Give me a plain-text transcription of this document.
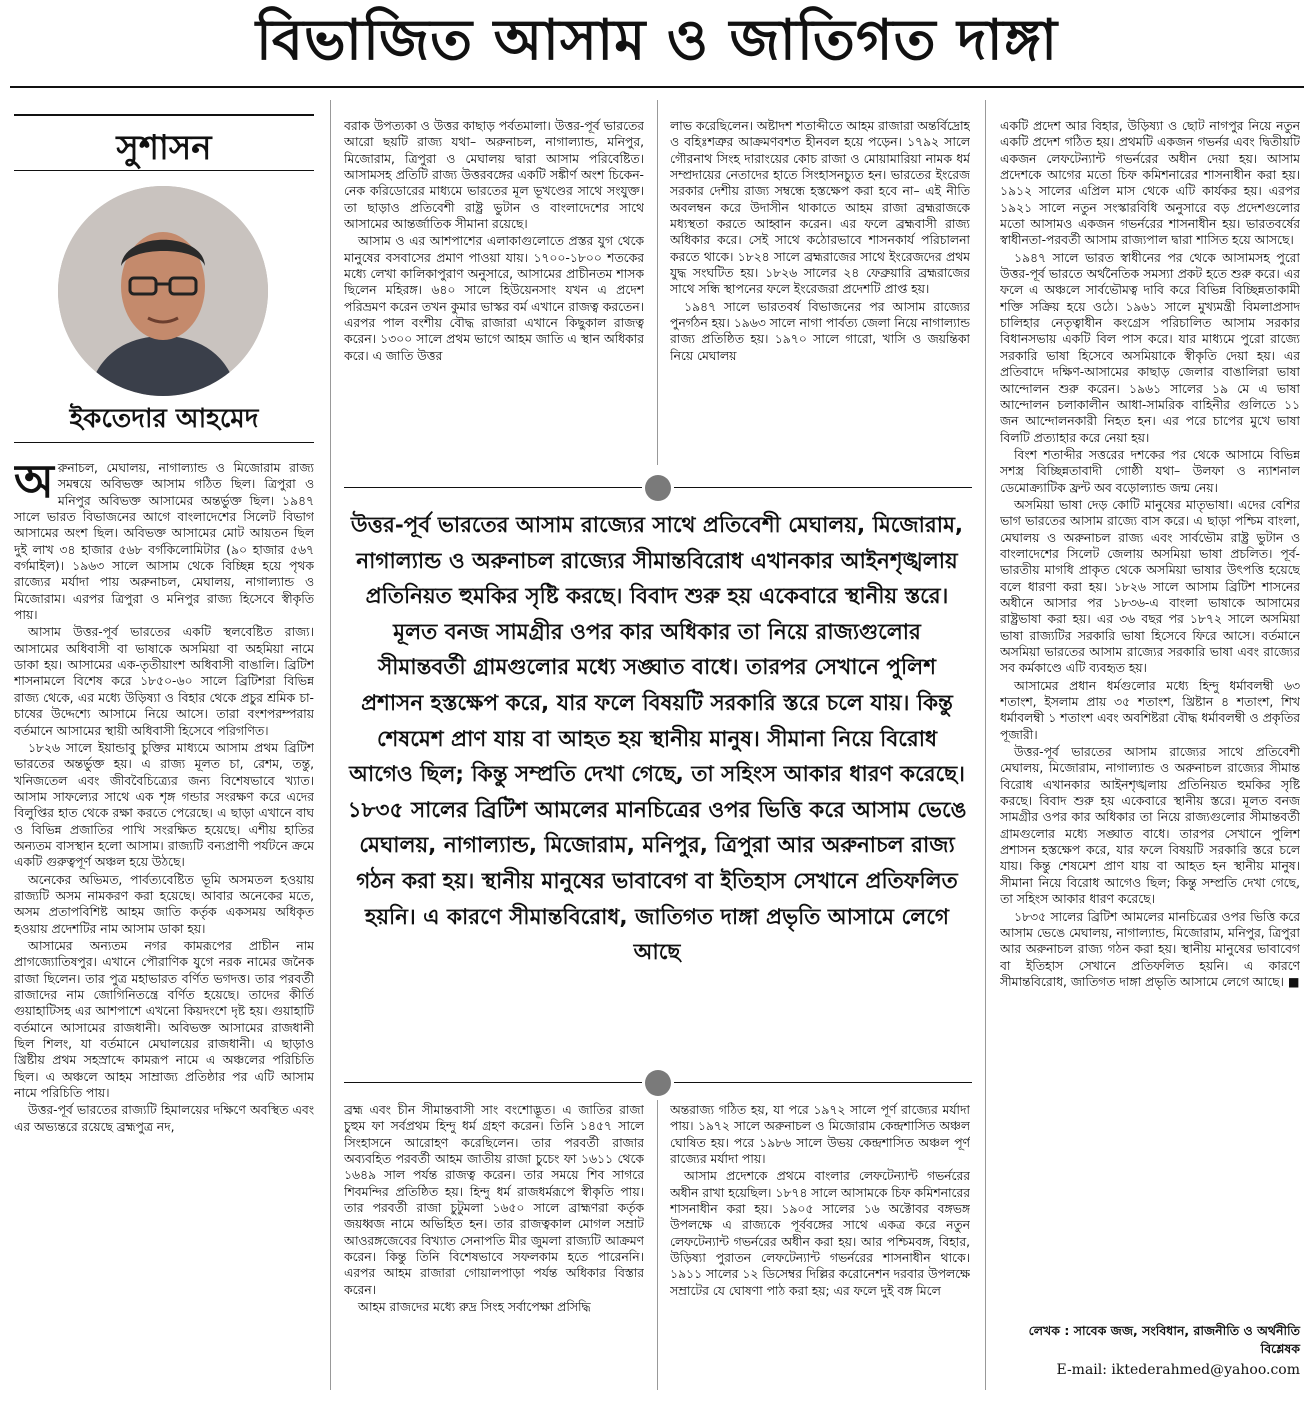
বিভাজিত আসাম ও জাতিগত দাঙ্গা
সুশাসন
ইকতেদার আহমেদ

অরুনাচল, মেঘালয়, নাগাল্যান্ড ও মিজোরাম রাজ্য সমন্বয়ে অবিভক্ত আসাম গঠিত ছিল। ত্রিপুরা ও মনিপুর অবিভক্ত আসামের অন্তর্ভুক্ত ছিল। ১৯৪৭ সালে ভারত বিভাজনের আগে বাংলাদেশের সিলেট বিভাগ আসামের অংশ ছিল। অবিভক্ত আসামের মোট আয়তন ছিল দুই লাখ ৩৪ হাজার ৫৬৮ বর্গকিলোমিটার (৯০ হাজার ৫৬৭ বর্গমাইল)। ১৯৬৩ সালে আসাম থেকে বিচ্ছিন্ন হয়ে পৃথক রাজ্যের মর্যাদা পায় অরুনাচল, মেঘালয়, নাগাল্যান্ড ও মিজোরাম। এরপর ত্রিপুরা ও মনিপুর রাজ্য হিসেবে স্বীকৃতি পায়।

আসাম উত্তর-পূর্ব ভারতের একটি স্থলবেষ্টিত রাজ্য। আসামের অধিবাসী বা ভাষাকে অসমিয়া বা অহমিয়া নামে ডাকা হয়। আসামের এক-তৃতীয়াংশ অধিবাসী বাঙালি। ব্রিটিশ শাসনামলে বিশেষ করে ১৮৫০-৬০ সালে ব্রিটিশরা বিভিন্ন রাজ্য থেকে, এর মধ্যে উড়িষ্যা ও বিহার থেকে প্রচুর শ্রমিক চা-চাষের উদ্দেশ্যে আসামে নিয়ে আসে। তারা বংশপরম্পরায় বর্তমানে আসামের স্থায়ী অধিবাসী হিসেবে পরিগণিত।

১৮২৬ সালে ইয়ান্ডাবু চুক্তির মাধ্যমে আসাম প্রথম ব্রিটিশ ভারতের অন্তর্ভুক্ত হয়। এ রাজ্য মূলত চা, রেশম, তন্তু, খনিজতেল এবং জীববৈচিত্র্যের জন্য বিশেষভাবে খ্যাত। আসাম সাফল্যের সাথে এক শৃঙ্গ গন্ডার সংরক্ষণ করে এদের বিলুপ্তির হাত থেকে রক্ষা করতে পেরেছে। এ ছাড়া এখানে বাঘ ও বিভিন্ন প্রজাতির পাখি সংরক্ষিত হয়েছে। এশীয় হাতির অন্যতম বাসস্থান হলো আসাম। রাজ্যটি বন্যপ্রাণী পর্যটনে ক্রমে একটি গুরুত্বপূর্ণ অঞ্চল হয়ে উঠছে।

অনেকের অভিমত, পার্বত্যবেষ্টিত ভূমি অসমতল হওয়ায় রাজ্যটি অসম নামকরণ করা হয়েছে। আবার অনেকের মতে, অসম প্রতাপবিশিষ্ট আহম জাতি কর্তৃক একসময় অধিকৃত হওয়ায় প্রদেশটির নাম আসাম ডাকা হয়।

আসামের অন্যতম নগর কামরূপের প্রাচীন নাম প্রাগজ্যোতিষপুর। এখানে পৌরাণিক যুগে নরক নামের জনৈক রাজা ছিলেন। তার পুত্র মহাভারত বর্ণিত ভগদত্ত। তার পরবর্তী রাজাদের নাম জোগিনিতন্ত্রে বর্ণিত হয়েছে। তাদের কীর্তি গুয়াহাটিসহ এর আশপাশে এখনো কিয়দংশে দৃষ্ট হয়। গুয়াহাটি বর্তমানে আসামের রাজধানী। অবিভক্ত আসামের রাজধানী ছিল শিলং, যা বর্তমানে মেঘালয়ের রাজধানী। এ ছাড়াও খ্রিষ্টীয় প্রথম সহস্রাব্দে কামরূপ নামে এ অঞ্চলের পরিচিতি ছিল। এ অঞ্চলে আহম সাম্রাজ্য প্রতিষ্ঠার পর এটি আসাম নামে পরিচিতি পায়।

উত্তর-পূর্ব ভারতের রাজ্যটি হিমালয়ের দক্ষিণে অবস্থিত এবং এর অভ্যন্তরে রয়েছে ব্রহ্মপুত্র নদ,

বরাক উপত্যকা ও উত্তর কাছাড় পর্বতমালা। উত্তর-পূর্ব ভারতের আরো ছয়টি রাজ্য যথা– অরুনাচল, নাগাল্যান্ড, মনিপুর, মিজোরাম, ত্রিপুরা ও মেঘালয় দ্বারা আসাম পরিবেষ্টিত। আসামসহ প্রতিটি রাজ্য উত্তরবঙ্গের একটি সঙ্কীর্ণ অংশ চিকেন-নেক করিডোরের মাধ্যমে ভারতের মূল ভূখণ্ডের সাথে সংযুক্ত। তা ছাড়াও প্রতিবেশী রাষ্ট্র ভুটান ও বাংলাদেশের সাথে আসামের আন্তর্জাতিক সীমানা রয়েছে।

আসাম ও এর আশপাশের এলাকাগুলোতে প্রস্তর যুগ থেকে মানুষের বসবাসের প্রমাণ পাওয়া যায়। ১৭০০-১৮০০ শতকের মধ্যে লেখা কালিকাপুরাণ অনুসারে, আসামের প্রাচীনতম শাসক ছিলেন মহিরঙ্গ। ৬৪০ সালে হিউয়েনসাং যখন এ প্রদেশ পরিভ্রমণ করেন তখন কুমার ভাস্কর বর্ম এখানে রাজত্ব করতেন। এরপর পাল বংশীয় বৌদ্ধ রাজারা এখানে কিছুকাল রাজত্ব করেন। ১৩০০ সালে প্রথম ভাগে আহম জাতি এ স্থান অধিকার করে। এ জাতি উত্তর

লাভ করেছিলেন। অষ্টাদশ শতাব্দীতে আহম রাজারা অন্তর্বিদ্রোহ ও বহিঃশত্রুর আক্রমণবশত হীনবল হয়ে পড়েন। ১৭৯২ সালে গৌরনাথ সিংহ দারাংয়ের কোচ রাজা ও মোয়ামারিয়া নামক ধর্ম সম্প্রদায়ের নেতাদের হাতে সিংহাসনচ্যুত হন। ভারতের ইংরেজ সরকার দেশীয় রাজ্য সম্বন্ধে হস্তক্ষেপ করা হবে না– এই নীতি অবলম্বন করে উদাসীন থাকাতে আহম রাজা ব্রহ্মরাজকে মধ্যস্থতা করতে আহ্বান করেন। এর ফলে ব্রহ্মবাসী রাজ্য অধিকার করে। সেই সাথে কঠোরভাবে শাসনকার্য পরিচালনা করতে থাকে। ১৮২৪ সালে ব্রহ্মরাজের সাথে ইংরেজদের প্রথম যুদ্ধ সংঘটিত হয়। ১৮২৬ সালের ২৪ ফেব্রুয়ারি ব্রহ্মরাজের সাথে সন্ধি স্থাপনের ফলে ইংরেজরা প্রদেশটি প্রাপ্ত হয়।

১৯৪৭ সালে ভারতবর্ষ বিভাজনের পর আসাম রাজ্যের পুনর্গঠন হয়। ১৯৬৩ সালে নাগা পার্বত্য জেলা নিয়ে নাগাল্যান্ড রাজ্য প্রতিষ্ঠিত হয়। ১৯৭০ সালে গারো, খাসি ও জয়ন্তিকা নিয়ে মেঘালয়

উত্তর-পূর্ব ভারতের আসাম রাজ্যের সাথে প্রতিবেশী মেঘালয়, মিজোরাম, নাগাল্যান্ড ও অরুনাচল রাজ্যের সীমান্তবিরোধ এখানকার আইনশৃঙ্খলায় প্রতিনিয়ত হুমকির সৃষ্টি করছে। বিবাদ শুরু হয় একেবারে স্থানীয় স্তরে। মূলত বনজ সামগ্রীর ওপর কার অধিকার তা নিয়ে রাজ্যগুলোর সীমান্তবর্তী গ্রামগুলোর মধ্যে সঙ্ঘাত বাধে। তারপর সেখানে পুলিশ প্রশাসন হস্তক্ষেপ করে, যার ফলে বিষয়টি সরকারি স্তরে চলে যায়। কিন্তু শেষমেশ প্রাণ যায় বা আহত হয় স্থানীয় মানুষ। সীমানা নিয়ে বিরোধ আগেও ছিল; কিন্তু সম্প্রতি দেখা গেছে, তা সহিংস আকার ধারণ করেছে। ১৮৩৫ সালের ব্রিটিশ আমলের মানচিত্রের ওপর ভিত্তি করে আসাম ভেঙে মেঘালয়, নাগাল্যান্ড, মিজোরাম, মনিপুর, ত্রিপুরা আর অরুনাচল রাজ্য গঠন করা হয়। স্থানীয় মানুষের ভাবাবেগ বা ইতিহাস সেখানে প্রতিফলিত হয়নি। এ কারণে সীমান্তবিরোধ, জাতিগত দাঙ্গা প্রভৃতি আসামে লেগে আছে

ব্রহ্ম এবং চীন সীমান্তবাসী সাং বংশোদ্ভূত। এ জাতির রাজা চুহুম ফা সর্বপ্রথম হিন্দু ধর্ম গ্রহণ করেন। তিনি ১৪৫৭ সালে সিংহাসনে আরোহণ করেছিলেন। তার পরবর্তী রাজার অব্যবহিত পরবর্তী আহম জাতীয় রাজা চুচেং ফা ১৬১১ থেকে ১৬৪৯ সাল পর্যন্ত রাজত্ব করেন। তার সময়ে শিব সাগরে শিবমন্দির প্রতিষ্ঠিত হয়। হিন্দু ধর্ম রাজধর্মরূপে স্বীকৃতি পায়। তার পরবর্তী রাজা চুটুমলা ১৬৫০ সালে ব্রাহ্মণরা কর্তৃক জয়ধ্বজ নামে অভিহিত হন। তার রাজত্বকাল মোগল সম্রাট আওরঙ্গজেবের বিখ্যাত সেনাপতি মীর জুমলা রাজ্যটি আক্রমণ করেন। কিন্তু তিনি বিশেষভাবে সফলকাম হতে পারেননি। এরপর আহম রাজারা গোয়ালপাড়া পর্যন্ত অধিকার বিস্তার করেন।

আহম রাজদের মধ্যে রুদ্র সিংহ সর্বাপেক্ষা প্রসিদ্ধি

অন্তরাজ্য গঠিত হয়, যা পরে ১৯৭২ সালে পূর্ণ রাজ্যের মর্যাদা পায়। ১৯৭২ সালে অরুনাচল ও মিজোরাম কেন্দ্রশাসিত অঞ্চল ঘোষিত হয়। পরে ১৯৮৬ সালে উভয় কেন্দ্রশাসিত অঞ্চল পূর্ণ রাজ্যের মর্যাদা পায়।

আসাম প্রদেশকে প্রথমে বাংলার লেফটেন্যান্ট গভর্নরের অধীন রাখা হয়েছিল। ১৮৭৪ সালে আসামকে চিফ কমিশনারের শাসনাধীন করা হয়। ১৯০৫ সালের ১৬ অক্টোবর বঙ্গভঙ্গ উপলক্ষে এ রাজ্যকে পূর্ববঙ্গের সাথে একত্র করে নতুন লেফটেন্যান্ট গভর্নরের অধীন করা হয়। আর পশ্চিমবঙ্গ, বিহার, উড়িষ্যা পুরাতন লেফটেন্যান্ট গভর্নরের শাসনাধীন থাকে। ১৯১১ সালের ১২ ডিসেম্বর দিল্লির করোনেশন দরবার উপলক্ষে সম্রাটের যে ঘোষণা পাঠ করা হয়; এর ফলে দুই বঙ্গ মিলে

একটি প্রদেশ আর বিহার, উড়িষ্যা ও ছোট নাগপুর নিয়ে নতুন একটি প্রদেশ গঠিত হয়। প্রথমটি একজন গভর্নর এবং দ্বিতীয়টি একজন লেফটেন্যান্ট গভর্নরের অধীন দেয়া হয়। আসাম প্রদেশকে আগের মতো চিফ কমিশনারের শাসনাধীন করা হয়। ১৯১২ সালের এপ্রিল মাস থেকে এটি কার্যকর হয়। এরপর ১৯২১ সালে নতুন সংস্কারবিধি অনুসারে বড় প্রদেশগুলোর মতো আসামও একজন গভর্নরের শাসনাধীন হয়। ভারতবর্ষের স্বাধীনতা-পরবর্তী আসাম রাজ্যপাল দ্বারা শাসিত হয়ে আসছে।

১৯৪৭ সালে ভারত স্বাধীনের পর থেকে আসামসহ পুরো উত্তর-পূর্ব ভারতে অর্থনৈতিক সমস্যা প্রকট হতে শুরু করে। এর ফলে এ অঞ্চলে সার্বভৌমত্ব দাবি করে বিভিন্ন বিচ্ছিন্নতাকামী শক্তি সক্রিয় হয়ে ওঠে। ১৯৬১ সালে মুখ্যমন্ত্রী বিমলাপ্রসাদ চালিহার নেতৃত্বাধীন কংগ্রেস পরিচালিত আসাম সরকার বিধানসভায় একটি বিল পাস করে। যার মাধ্যমে পুরো রাজ্যে সরকারি ভাষা হিসেবে অসমিয়াকে স্বীকৃতি দেয়া হয়। এর প্রতিবাদে দক্ষিণ-আসামের কাছাড় জেলার বাঙালিরা ভাষা আন্দোলন শুরু করেন। ১৯৬১ সালের ১৯ মে এ ভাষা আন্দোলন চলাকালীন আধা-সামরিক বাহিনীর গুলিতে ১১ জন আন্দোলনকারী নিহত হন। এর পরে চাপের মুখে ভাষা বিলটি প্রত্যাহার করে নেয়া হয়।

বিংশ শতাব্দীর সত্তরের দশকের পর থেকে আসামে বিভিন্ন সশস্ত্র বিচ্ছিন্নতাবাদী গোষ্ঠী যথা– উলফা ও ন্যাশনাল ডেমোক্র্যাটিক ফ্রন্ট অব বড়োল্যান্ড জন্ম নেয়।

অসমিয়া ভাষা দেড় কোটি মানুষের মাতৃভাষা। এদের বেশির ভাগ ভারতের আসাম রাজ্যে বাস করে। এ ছাড়া পশ্চিম বাংলা, মেঘালয় ও অরুনাচল রাজ্য এবং সার্বভৌম রাষ্ট্র ভুটান ও বাংলাদেশের সিলেট জেলায় অসমিয়া ভাষা প্রচলিত। পূর্ব-ভারতীয় মাগধি প্রাকৃত থেকে অসমিয়া ভাষার উৎপত্তি হয়েছে বলে ধারণা করা হয়। ১৮২৬ সালে আসাম ব্রিটিশ শাসনের অধীনে আসার পর ১৮৩৬-এ বাংলা ভাষাকে আসামের রাষ্ট্রভাষা করা হয়। এর ৩৬ বছর পর ১৮৭২ সালে অসমিয়া ভাষা রাজ্যটির সরকারি ভাষা হিসেবে ফিরে আসে। বর্তমানে অসমিয়া ভারতের আসাম রাজ্যের সরকারি ভাষা এবং রাজ্যের সব কর্মকাণ্ডে এটি ব্যবহৃত হয়।

আসামের প্রধান ধর্মগুলোর মধ্যে হিন্দু ধর্মাবলম্বী ৬৩ শতাংশ, ইসলাম প্রায় ৩৫ শতাংশ, খ্রিষ্টান ৪ শতাংশ, শিখ ধর্মাবলম্বী ১ শতাংশ এবং অবশিষ্টরা বৌদ্ধ ধর্মাবলম্বী ও প্রকৃতির পূজারী।

উত্তর-পূর্ব ভারতের আসাম রাজ্যের সাথে প্রতিবেশী মেঘালয়, মিজোরাম, নাগাল্যান্ড ও অরুনাচল রাজ্যের সীমান্ত বিরোধ এখানকার আইনশৃঙ্খলায় প্রতিনিয়ত হুমকির সৃষ্টি করছে। বিবাদ শুরু হয় একেবারে স্থানীয় স্তরে। মূলত বনজ সামগ্রীর ওপর কার অধিকার তা নিয়ে রাজ্যগুলোর সীমান্তবর্তী গ্রামগুলোর মধ্যে সঙ্ঘাত বাধে। তারপর সেখানে পুলিশ প্রশাসন হস্তক্ষেপ করে, যার ফলে বিষয়টি সরকারি স্তরে চলে যায়। কিন্তু শেষমেশ প্রাণ যায় বা আহত হন স্থানীয় মানুষ। সীমানা নিয়ে বিরোধ আগেও ছিল; কিন্তু সম্প্রতি দেখা গেছে, তা সহিংস আকার ধারণ করেছে।

১৮৩৫ সালের ব্রিটিশ আমলের মানচিত্রের ওপর ভিত্তি করে আসাম ভেঙে মেঘালয়, নাগাল্যান্ড, মিজোরাম, মনিপুর, ত্রিপুরা আর অরুনাচল রাজ্য গঠন করা হয়। স্থানীয় মানুষের ভাবাবেগ বা ইতিহাস সেখানে প্রতিফলিত হয়নি। এ কারণে সীমান্তবিরোধ, জাতিগত দাঙ্গা প্রভৃতি আসামে লেগে আছে। ■

লেখক : সাবেক জজ, সংবিধান, রাজনীতি ও অর্থনীতি বিশ্লেষক
E-mail: iktederahmed@yahoo.com
